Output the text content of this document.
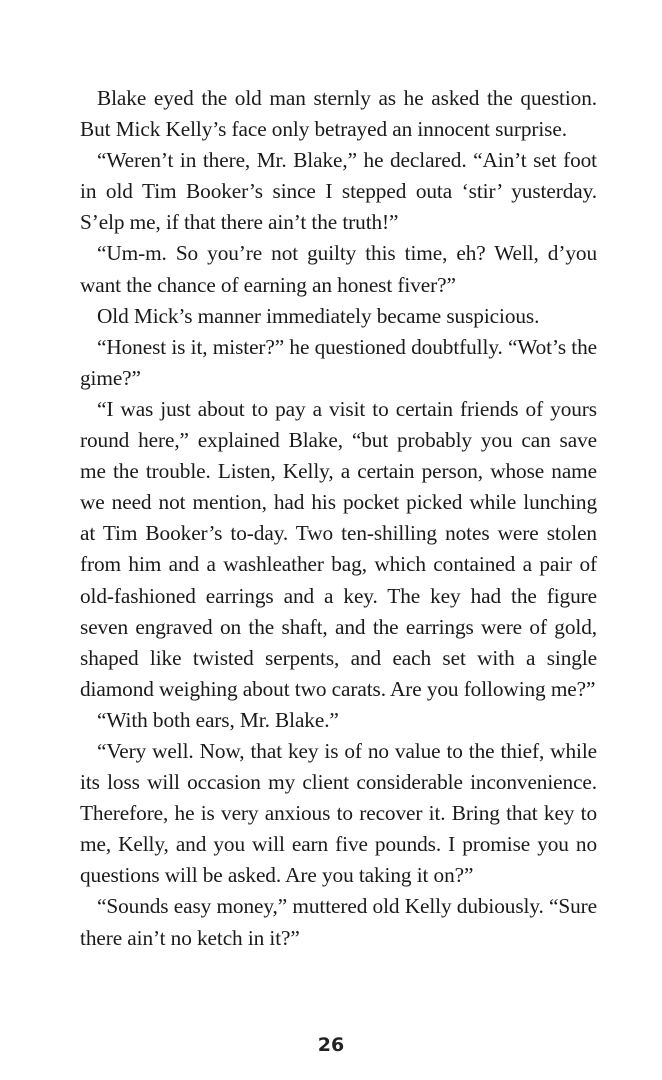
Blake eyed the old man sternly as he asked the question. But Mick Kelly’s face only betrayed an innocent surprise.

“Weren’t in there, Mr. Blake,” he declared. “Ain’t set foot in old Tim Booker’s since I stepped outa ‘stir’ yusterday. S’elp me, if that there ain’t the truth!”

“Um-m. So you’re not guilty this time, eh? Well, d’you want the chance of earning an honest fiver?”

Old Mick’s manner immediately became suspicious.

“Honest is it, mister?” he questioned doubtfully. “Wot’s the gime?”

“I was just about to pay a visit to certain friends of yours round here,” explained Blake, “but probably you can save me the trouble. Listen, Kelly, a certain person, whose name we need not mention, had his pocket picked while lunching at Tim Booker’s to-day. Two ten-shilling notes were stolen from him and a washleather bag, which contained a pair of old-fashioned earrings and a key. The key had the figure seven engraved on the shaft, and the earrings were of gold, shaped like twisted serpents, and each set with a single diamond weighing about two carats. Are you following me?”

“With both ears, Mr. Blake.”

“Very well. Now, that key is of no value to the thief, while its loss will occasion my client considerable inconvenience. Therefore, he is very anxious to recover it. Bring that key to me, Kelly, and you will earn five pounds. I promise you no questions will be asked. Are you taking it on?”

“Sounds easy money,” muttered old Kelly dubiously. “Sure there ain’t no ketch in it?”

26
